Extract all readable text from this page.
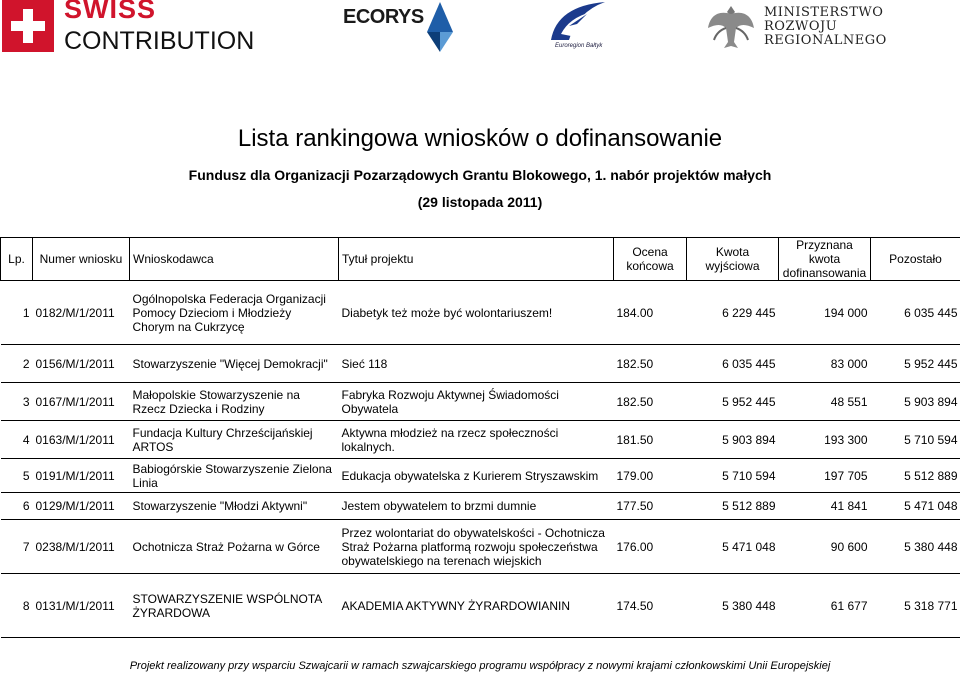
SWISS
CONTRIBUTION
ECORYS
Euroregion Bałtyk
MINISTERSTWO
ROZWOJU
REGIONALNEGO
Lista rankingowa wniosków o dofinansowanie
Fundusz dla Organizacji Pozarządowych Grantu Blokowego, 1. nabór projektów małych
(29 listopada 2011)
Lp.	Numer wniosku	Wnioskodawca	Tytuł projektu	Ocena końcowa	Kwota wyjściowa	Przyznana kwota dofinansowania	Pozostało
1	0182/M/1/2011	Ogólnopolska Federacja Organizacji Pomocy Dzieciom i Młodzieży Chorym na Cukrzycę	Diabetyk też może być wolontariuszem!	184.00	6 229 445	194 000	6 035 445
2	0156/M/1/2011	Stowarzyszenie "Więcej Demokracji"	Sieć 118	182.50	6 035 445	83 000	5 952 445
3	0167/M/1/2011	Małopolskie Stowarzyszenie na Rzecz Dziecka i Rodziny	Fabryka Rozwoju Aktywnej Świadomości Obywatela	182.50	5 952 445	48 551	5 903 894
4	0163/M/1/2011	Fundacja Kultury Chrześcijańskiej ARTOS	Aktywna młodzież na rzecz społeczności lokalnych.	181.50	5 903 894	193 300	5 710 594
5	0191/M/1/2011	Babiogórskie Stowarzyszenie Zielona Linia	Edukacja obywatelska z Kurierem Stryszawskim	179.00	5 710 594	197 705	5 512 889
6	0129/M/1/2011	Stowarzyszenie "Młodzi Aktywni"	Jestem obywatelem to brzmi dumnie	177.50	5 512 889	41 841	5 471 048
7	0238/M/1/2011	Ochotnicza Straż Pożarna w Górce	Przez wolontariat do obywatelskości - Ochotnicza Straż Pożarna platformą rozwoju społeczeństwa obywatelskiego na terenach wiejskich	176.00	5 471 048	90 600	5 380 448
8	0131/M/1/2011	STOWARZYSZENIE WSPÓLNOTA ŻYRARDOWA	AKADEMIA AKTYWNY ŻYRARDOWIANIN	174.50	5 380 448	61 677	5 318 771
Projekt realizowany przy wsparciu Szwajcarii w ramach szwajcarskiego programu współpracy z nowymi krajami członkowskimi Unii Europejskiej
